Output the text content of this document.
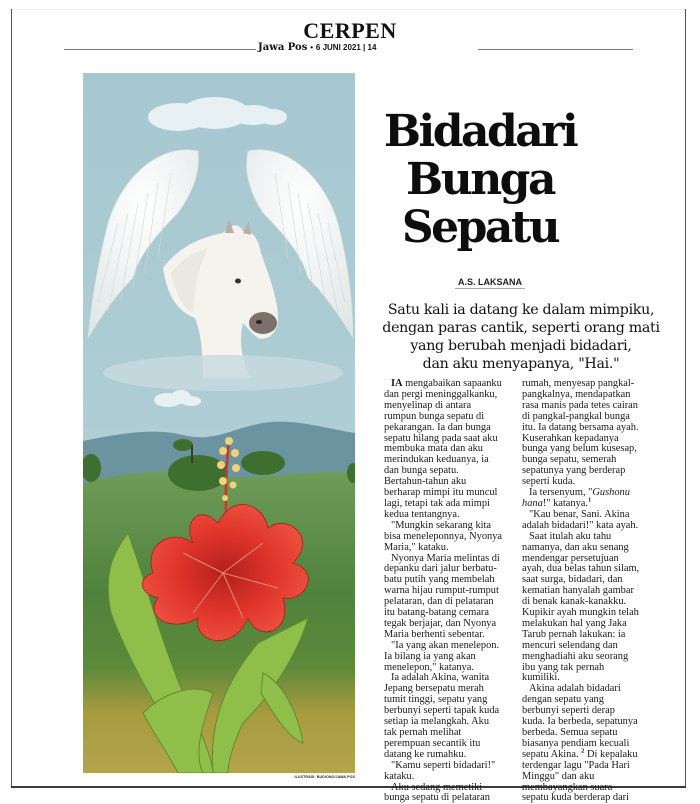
CERPEN
Jawa Pos • 6 JUNI 2021 | 14
ILUSTRASI: BUDIONO/JAWA POS
Bidadari
Bunga
Sepatu
A.S. LAKSANA
Satu kali ia datang ke dalam mimpiku,
dengan paras cantik, seperti orang mati
yang berubah menjadi bidadari,
dan aku menyapanya, "Hai."

IA mengabaikan sapaanku
dan pergi meninggalkanku,
menyelinap di antara
rumpun bunga sepatu di
pekarangan. Ia dan bunga
sepatu hilang pada saat aku
membuka mata dan aku
merindukan keduanya, ia
dan bunga sepatu.
Bertahun-tahun aku
berharap mimpi itu muncul
lagi, tetapi tak ada mimpi
kedua tentangnya.

"Mungkin sekarang kita
bisa meneleponnya, Nyonya
Maria," kataku.

Nyonya Maria melintas di
depanku dari jalur berbatu-
batu putih yang membelah
warna hijau rumput-rumput
pelataran, dan di pelataran
itu batang-batang cemara
tegak berjajar, dan Nyonya
Maria berhenti sebentar.

"Ia yang akan menelepon.
Ia bilang ia yang akan
menelepon," katanya.

Ia adalah Akina, wanita
Jepang bersepatu merah
tumit tinggi, sepatu yang
berbunyi seperti tapak kuda
setiap ia melangkah. Aku
tak pernah melihat
perempuan secantik itu
datang ke rumahku.

"Kamu seperti bidadari!"
kataku.

Aku sedang memetiki
bunga sepatu di pelataran

rumah, menyesap pangkal-
pangkalnya, mendapatkan
rasa manis pada tetes cairan
di pangkal-pangkal bunga
itu. Ia datang bersama ayah.
Kuserahkan kepadanya
bunga yang belum kusesap,
bunga sepatu, semerah
sepatunya yang berderap
seperti kuda.

Ia tersenyum, "Gushonu
hana!" katanya.$^1$

"Kau benar, Sani. Akina
adalah bidadari!" kata ayah.

Saat itulah aku tahu
namanya, dan aku senang
mendengar persetujuan
ayah, dua belas tahun silam,
saat surga, bidadari, dan
kematian hanyalah gambar
di benak kanak-kanakku.
Kupikir ayah mungkin telah
melakukan hal yang Jaka
Tarub pernah lakukan: ia
mencuri selendang dan
menghadiahi aku seorang
ibu yang tak pernah
kumiliki.

Akina adalah bidadari
dengan sepatu yang
berbunyi seperti derap
kuda. Ia berbeda, sepatunya
berbeda. Semua sepatu
biasanya pendiam kecuali
sepatu Akina. $^2$ Di kepalaku
terdengar lagu "Pada Hari
Minggu" dan aku
membayangkan suara
sepatu kuda berderap dari
